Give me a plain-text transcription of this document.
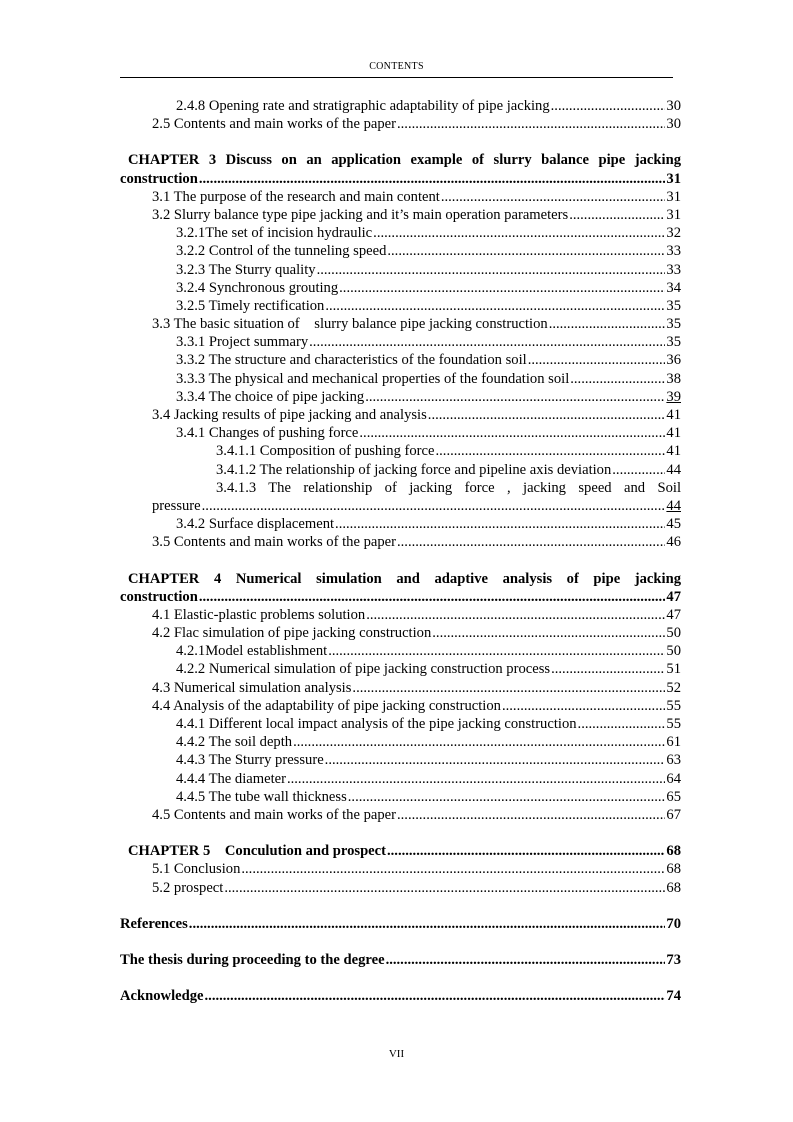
CONTENTS
2.4.8 Opening rate and stratigraphic adaptability of pipe jacking .....	30
2.5 Contents and main works of the paper .....	30
CHAPTER 3 Discuss on an application example of slurry balance pipe jacking
construction .....	31
3.1 The purpose of the research and main content .....	31
3.2 Slurry balance type pipe jacking and it’s main operation parameters .....	31
3.2.1The set of incision hydraulic .....	32
3.2.2 Control of the tunneling speed .....	33
3.2.3 The Sturry quality .....	33
3.2.4 Synchronous grouting .....	34
3.2.5 Timely rectification .....	35
3.3 The basic situation of    slurry balance pipe jacking construction .....	35
3.3.1 Project summary .....	35
3.3.2 The structure and characteristics of the foundation soil .....	36
3.3.3 The physical and mechanical properties of the foundation soil .....	38
3.3.4 The choice of pipe jacking .....	39
3.4 Jacking results of pipe jacking and analysis .....	41
3.4.1 Changes of pushing force .....	41
3.4.1.1 Composition of pushing force .....	41
3.4.1.2 The relationship of jacking force and pipeline axis deviation .....	44
3.4.1.3  The  relationship  of  jacking  force  ,  jacking  speed  and  Soil
pressure .....	44
3.4.2 Surface displacement .....	45
3.5 Contents and main works of the paper .....	46
CHAPTER 4 Numerical simulation and adaptive analysis of pipe jacking
construction .....	47
4.1 Elastic-plastic problems solution .....	47
4.2 Flac simulation of pipe jacking construction .....	50
4.2.1Model establishment .....	50
4.2.2 Numerical simulation of pipe jacking construction process .....	51
4.3 Numerical simulation analysis .....	52
4.4 Analysis of the adaptability of pipe jacking construction .....	55
4.4.1 Different local impact analysis of the pipe jacking construction .....	55
4.4.2 The soil depth .....	61
4.4.3 The Sturry pressure .....	63
4.4.4 The diameter .....	64
4.4.5 The tube wall thickness .....	65
4.5 Contents and main works of the paper .....	67
CHAPTER 5    Conculution and prospect .....	68
5.1 Conclusion .....	68
5.2 prospect .....	68
References .....	70
The thesis during proceeding to the degree .....	73
Acknowledge .....	74
VII
